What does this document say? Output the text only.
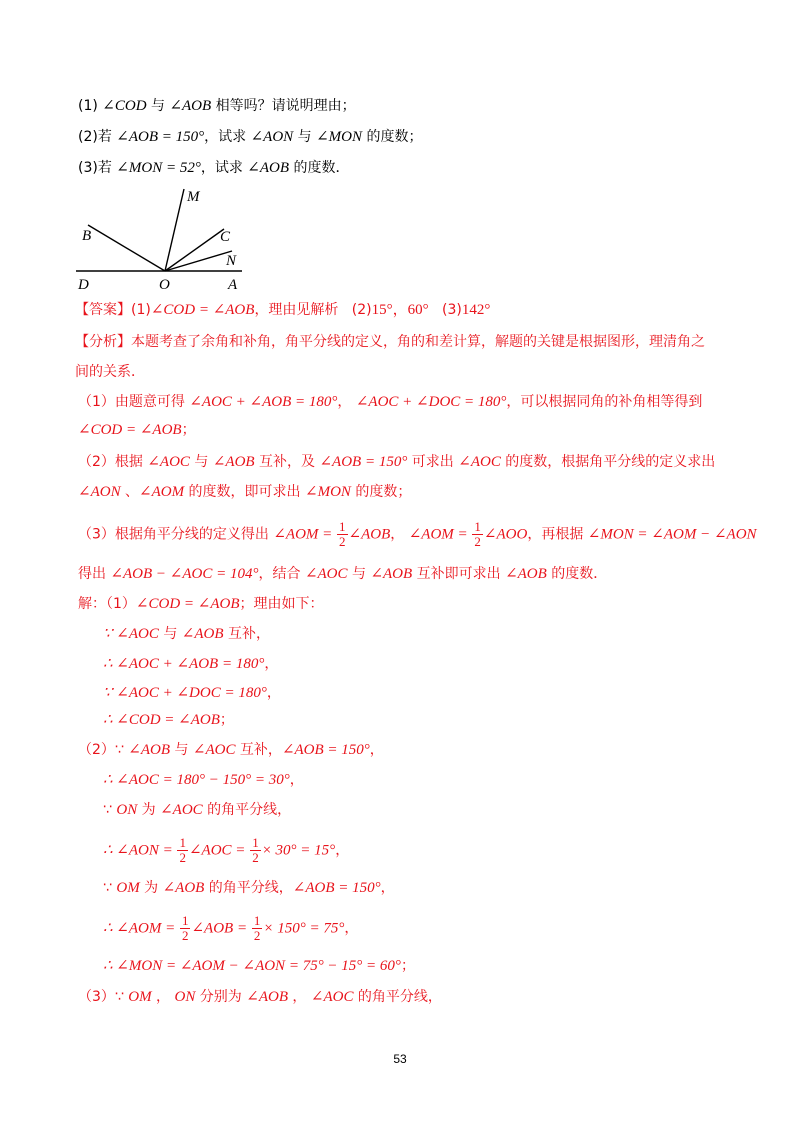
(1) ∠COD 与 ∠AOB 相等吗？请说明理由；
(2)若 ∠AOB = 150°，试求 ∠AON 与 ∠MON 的度数；
(3)若 ∠MON = 52°，试求 ∠AOB 的度数．
M
B	C
N
D	O	A
【答案】(1)∠COD = ∠AOB，理由见解析 (2)15°，60° (3)142°
【分析】本题考查了余角和补角，角平分线的定义，角的和差计算，解题的关键是根据图形，理清角之
间的关系．
（1）由题意可得 ∠AOC + ∠AOB = 180°， ∠AOC + ∠DOC = 180°，可以根据同角的补角相等得到
∠COD = ∠AOB；
（2）根据 ∠AOC 与 ∠AOB 互补，及 ∠AOB = 150° 可求出 ∠AOC 的度数，根据角平分线的定义求出
∠AON 、∠AOM 的度数，即可求出 ∠MON 的度数；
（3）根据角平分线的定义得出 ∠AOM = $\frac{1}{2}$ ∠AOB， ∠AOM = $\frac{1}{2}$ ∠AOO，再根据 ∠MON = ∠AOM − ∠AON
得出 ∠AOB − ∠AOC = 104°，结合 ∠AOC 与 ∠AOB 互补即可求出 ∠AOB 的度数．
解：（1）∠COD = ∠AOB；理由如下：
∵ ∠AOC 与 ∠AOB 互补，
∴ ∠AOC + ∠AOB = 180°，
∵ ∠AOC + ∠DOC = 180°，
∴ ∠COD = ∠AOB；
（2）∵ ∠AOB 与 ∠AOC 互补，∠AOB = 150°，
∴ ∠AOC = 180° − 150° = 30°，
∵ ON 为 ∠AOC 的角平分线，
∴ ∠AON = $\frac{1}{2}$ ∠AOC = $\frac{1}{2} \times 30^\circ = 15^\circ$，
∵ OM 为 ∠AOB 的角平分线，∠AOB = 150°，
∴ ∠AOM = $\frac{1}{2}$ ∠AOB = $\frac{1}{2} \times 150^\circ = 75^\circ$，
∴ ∠MON = ∠AOM − ∠AON = 75° − 15° = 60°；
（3）∵ OM ， ON 分别为 ∠AOB ， ∠AOC 的角平分线，
53
